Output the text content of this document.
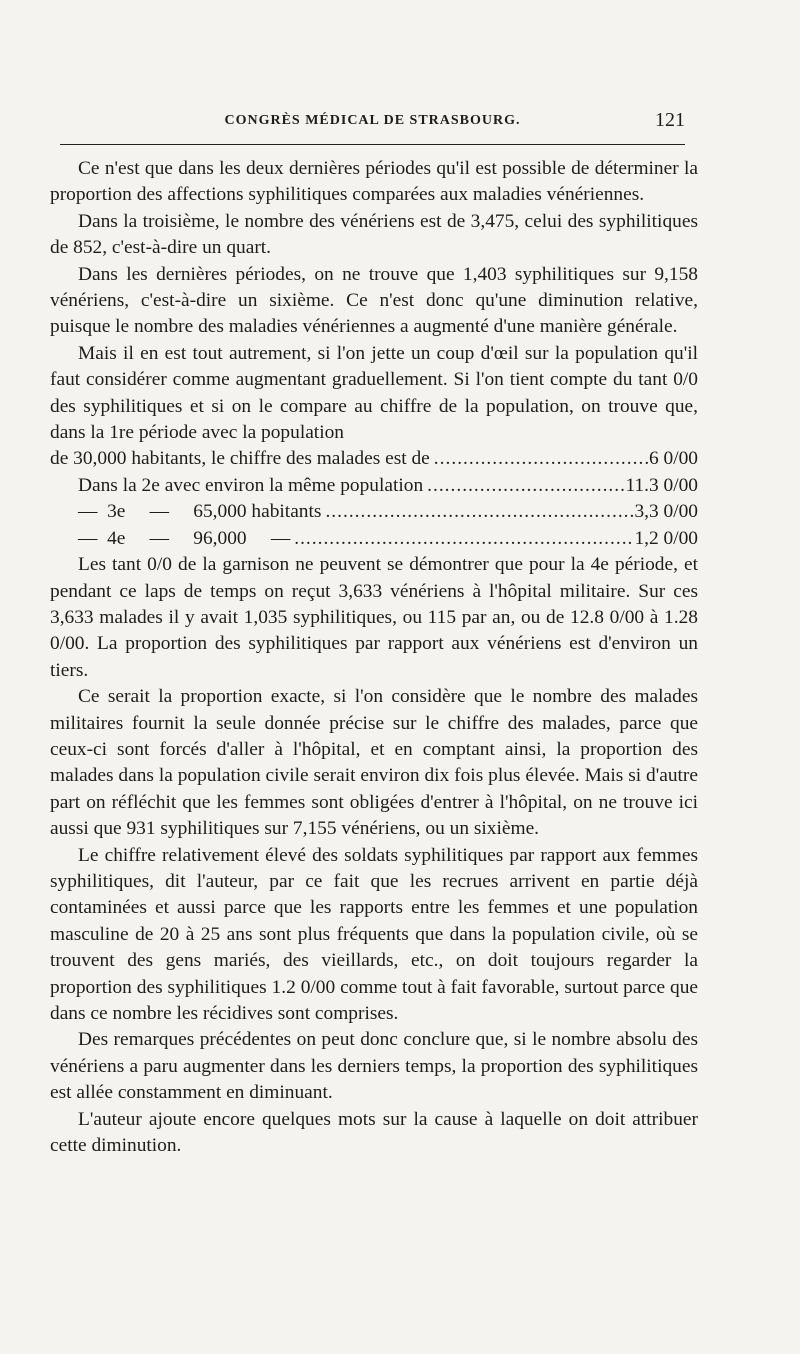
CONGRÈS MÉDICAL DE STRASBOURG.	121

Ce n'est que dans les deux dernières périodes qu'il est possible de déterminer la proportion des affections syphilitiques comparées aux maladies vénériennes.

Dans la troisième, le nombre des vénériens est de 3,475, celui des syphilitiques de 852, c'est-à-dire un quart.

Dans les dernières périodes, on ne trouve que 1,403 syphilitiques sur 9,158 vénériens, c'est-à-dire un sixième. Ce n'est donc qu'une diminution relative, puisque le nombre des maladies vénériennes a augmenté d'une manière générale.

Mais il en est tout autrement, si l'on jette un coup d'œil sur la population qu'il faut considérer comme augmentant graduellement. Si l'on tient compte du tant 0/0 des syphilitiques et si on le compare au chiffre de la population, on trouve que, dans la 1re période avec la population

de 30,000 habitants, le chiffre des malades est de .....	6 0/00
Dans la 2e avec environ la même population .....	11.3 0/00
—  3e     —     65,000 habitants .....	3,3 0/00
—  4e     —     96,000     — .....	1,2 0/00

Les tant 0/0 de la garnison ne peuvent se démontrer que pour la 4e période, et pendant ce laps de temps on reçut 3,633 vénériens à l'hôpital militaire. Sur ces 3,633 malades il y avait 1,035 syphilitiques, ou 115 par an, ou de 12.8 0/00 à 1.28 0/00. La proportion des syphilitiques par rapport aux vénériens est d'environ un tiers.

Ce serait la proportion exacte, si l'on considère que le nombre des malades militaires fournit la seule donnée précise sur le chiffre des malades, parce que ceux-ci sont forcés d'aller à l'hôpital, et en comptant ainsi, la proportion des malades dans la population civile serait environ dix fois plus élevée. Mais si d'autre part on réfléchit que les femmes sont obligées d'entrer à l'hôpital, on ne trouve ici aussi que 931 syphilitiques sur 7,155 vénériens, ou un sixième.

Le chiffre relativement élevé des soldats syphilitiques par rapport aux femmes syphilitiques, dit l'auteur, par ce fait que les recrues arrivent en partie déjà contaminées et aussi parce que les rapports entre les femmes et une population masculine de 20 à 25 ans sont plus fréquents que dans la population civile, où se trouvent des gens mariés, des vieillards, etc., on doit toujours regarder la proportion des syphilitiques 1.2 0/00 comme tout à fait favorable, surtout parce que dans ce nombre les récidives sont comprises.

Des remarques précédentes on peut donc conclure que, si le nombre absolu des vénériens a paru augmenter dans les derniers temps, la proportion des syphilitiques est allée constamment en diminuant.

L'auteur ajoute encore quelques mots sur la cause à laquelle on doit attribuer cette diminution.
